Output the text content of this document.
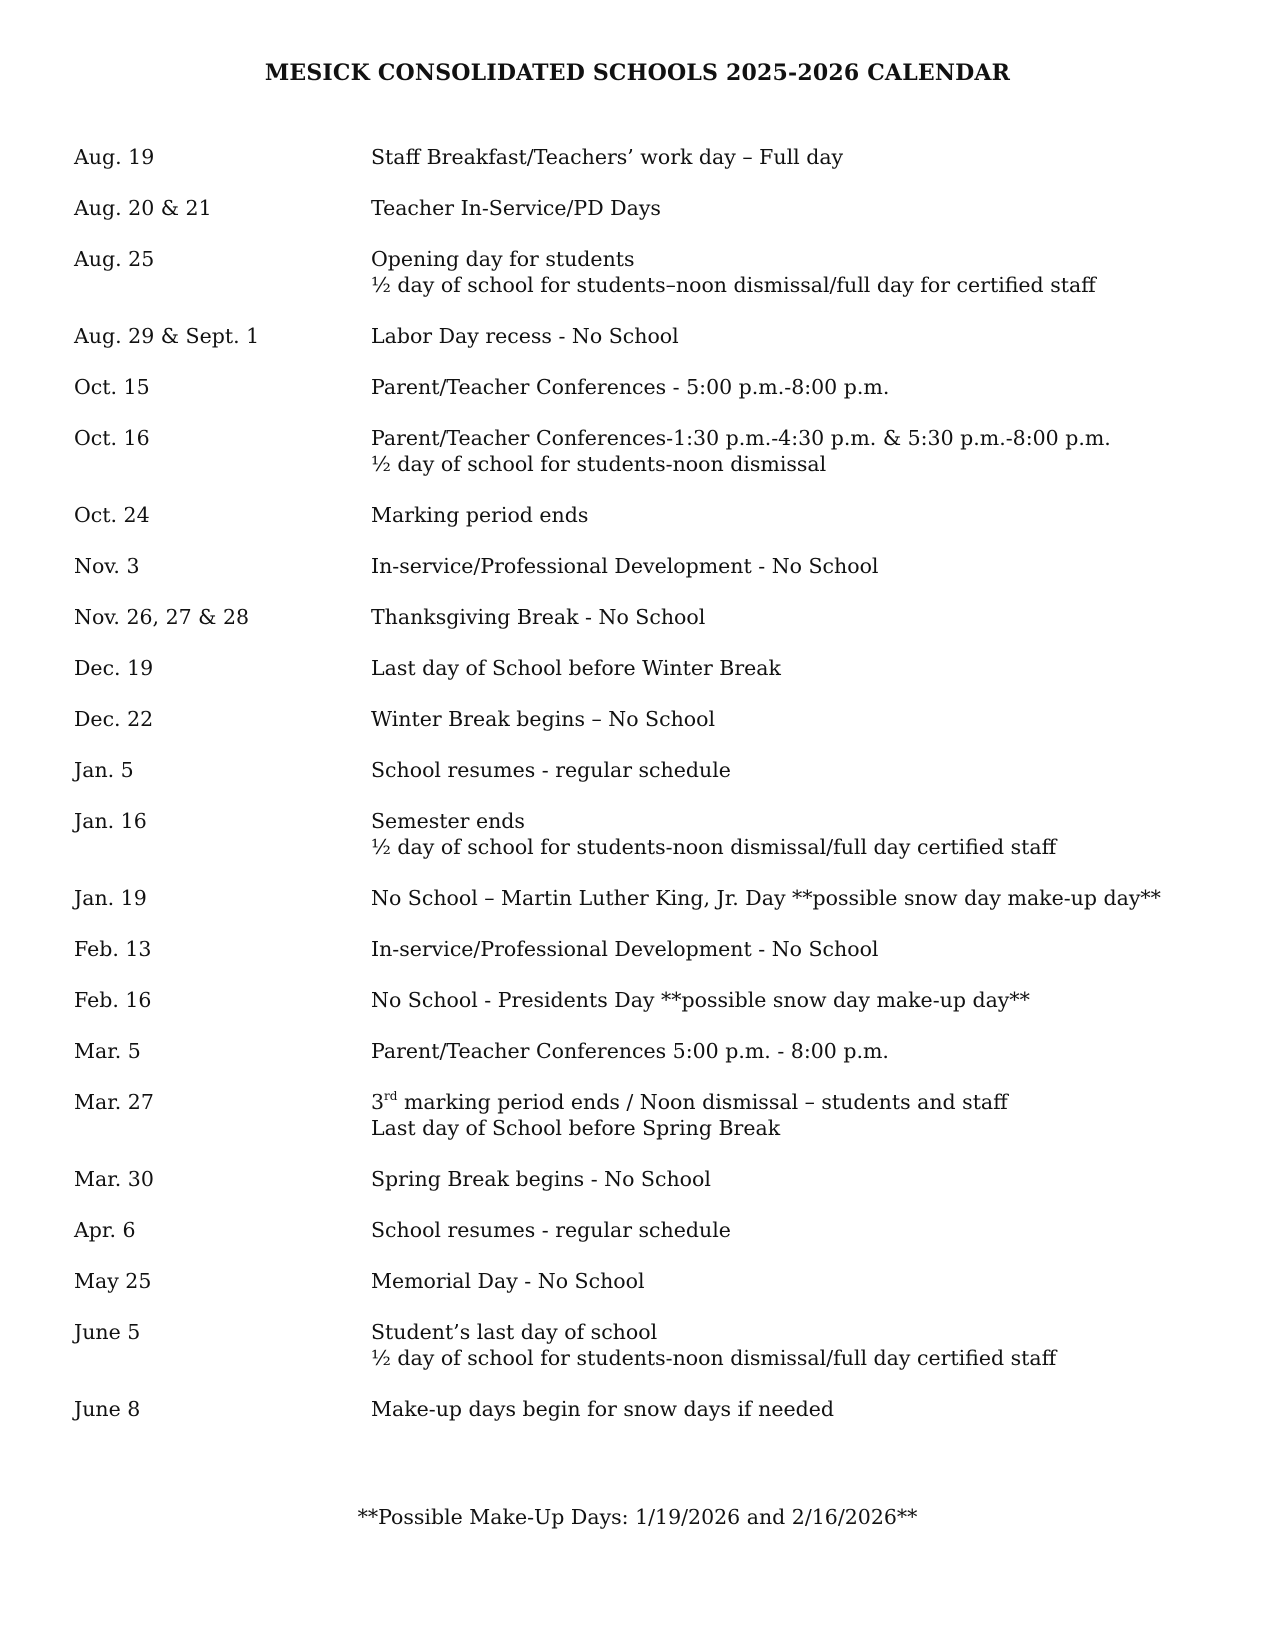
MESICK CONSOLIDATED SCHOOLS 2025-2026 CALENDAR
Aug. 19	Staff Breakfast/Teachers’ work day – Full day
Aug. 20 & 21	Teacher In-Service/PD Days
Aug. 25	Opening day for students
½ day of school for students–noon dismissal/full day for certified staff
Aug. 29 & Sept. 1	Labor Day recess - No School
Oct. 15	Parent/Teacher Conferences - 5:00 p.m.-8:00 p.m.
Oct. 16	Parent/Teacher Conferences-1:30 p.m.-4:30 p.m. & 5:30 p.m.-8:00 p.m.
½ day of school for students-noon dismissal
Oct. 24	Marking period ends
Nov. 3	In-service/Professional Development - No School
Nov. 26, 27 & 28	Thanksgiving Break - No School
Dec. 19	Last day of School before Winter Break
Dec. 22	Winter Break begins – No School
Jan. 5	School resumes - regular schedule
Jan. 16	Semester ends
½ day of school for students-noon dismissal/full day certified staff
Jan. 19	No School – Martin Luther King, Jr. Day **possible snow day make-up day**
Feb. 13	In-service/Professional Development - No School
Feb. 16	No School - Presidents Day **possible snow day make-up day**
Mar. 5	Parent/Teacher Conferences 5:00 p.m. - 8:00 p.m.
Mar. 27	3rd marking period ends / Noon dismissal – students and staff
Last day of School before Spring Break
Mar. 30	Spring Break begins - No School
Apr. 6	School resumes - regular schedule
May 25	Memorial Day - No School
June 5	Student’s last day of school
½ day of school for students-noon dismissal/full day certified staff
June 8	Make-up days begin for snow days if needed
**Possible Make-Up Days: 1/19/2026 and 2/16/2026**
